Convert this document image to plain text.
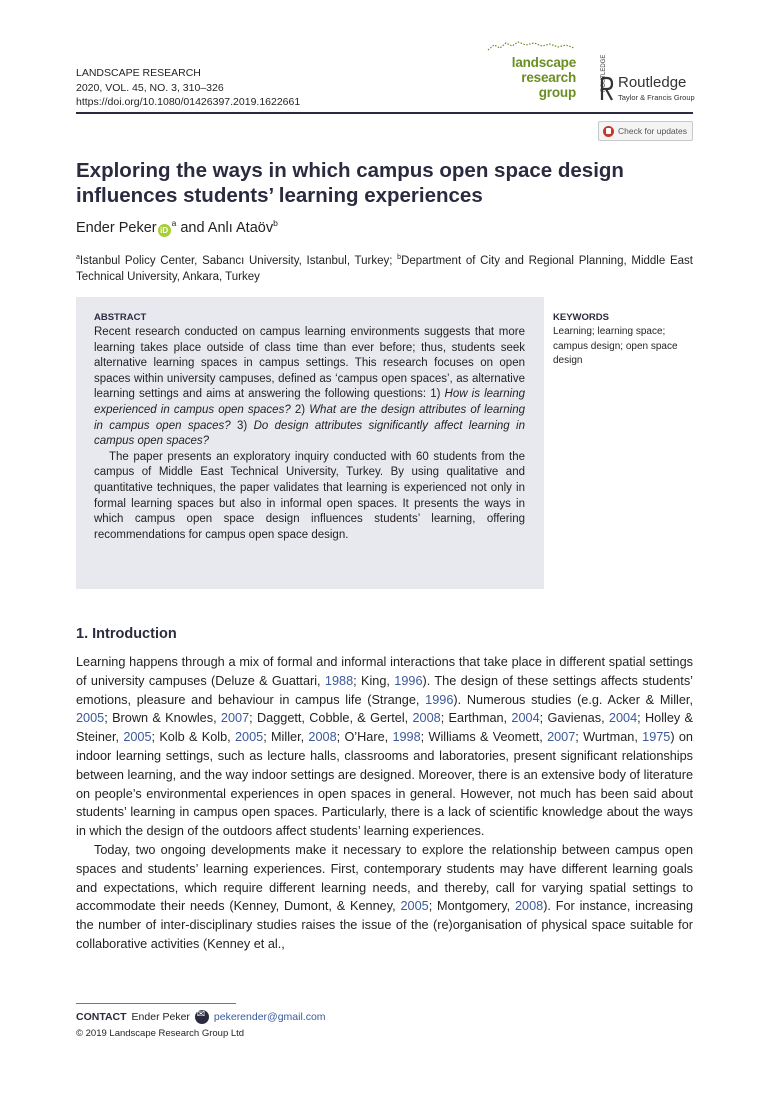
LANDSCAPE RESEARCH
2020, VOL. 45, NO. 3, 310–326
https://doi.org/10.1080/01426397.2019.1622661
landscape
research
group
ROUTLEDGE Routledge
Taylor & Francis Group
Check for updates
Exploring the ways in which campus open space design influences students’ learning experiences
Ender Peker $iD^a$ and Anlı Ataöv$^b$
$^a$Istanbul Policy Center, Sabancı University, Istanbul, Turkey; $^b$Department of City and Regional Planning, Middle East Technical University, Ankara, Turkey
ABSTRACT

Recent research conducted on campus learning environments suggests that more learning takes place outside of class time than ever before; thus, students seek alternative learning spaces in campus settings. This research focuses on open spaces within university campuses, defined as ‘campus open spaces’, as alternative learning settings and aims at answering the following questions: 1) How is learning experienced in campus open spaces? 2) What are the design attributes of learning in campus open spaces? 3) Do design attributes significantly affect learning in campus open spaces?

The paper presents an exploratory inquiry conducted with 60 students from the campus of Middle East Technical University, Turkey. By using qualitative and quantitative techniques, the paper validates that learning is experienced not only in formal learning spaces but also in informal open spaces. It presents the ways in which campus open space design influences students’ learning, offering recommendations for campus open space design.

KEYWORDS
Learning; learning space; campus design; open space design
1. Introduction

Learning happens through a mix of formal and informal interactions that take place in different spatial settings of university campuses (Deluze & Guattari, 1988; King, 1996). The design of these settings affects students’ emotions, pleasure and behaviour in campus life (Strange, 1996). Numerous studies (e.g. Acker & Miller, 2005; Brown & Knowles, 2007; Daggett, Cobble, & Gertel, 2008; Earthman, 2004; Gavienas, 2004; Holley & Steiner, 2005; Kolb & Kolb, 2005; Miller, 2008; O’Hare, 1998; Williams & Veomett, 2007; Wurtman, 1975) on indoor learning settings, such as lecture halls, classrooms and laboratories, present significant relationships between learning, and the way indoor settings are designed. Moreover, there is an extensive body of literature on people’s environmental experiences in open spaces in general. However, not much has been said about students’ learning in campus open spaces. Particularly, there is a lack of scientific knowledge about the ways in which the design of the outdoors affect students’ learning experiences.

Today, two ongoing developments make it necessary to explore the relationship between campus open spaces and students’ learning experiences. First, contemporary students may have different learning goals and expectations, which require different learning needs, and thereby, call for varying spatial settings to accommodate their needs (Kenney, Dumont, & Kenney, 2005; Montgomery, 2008). For instance, increasing the number of inter-disciplinary studies raises the issue of the (re)organisation of physical space suitable for collaborative activities (Kenney et al.,

CONTACT Ender Peker
✉ pekerender@gmail.com
© 2019 Landscape Research Group Ltd
